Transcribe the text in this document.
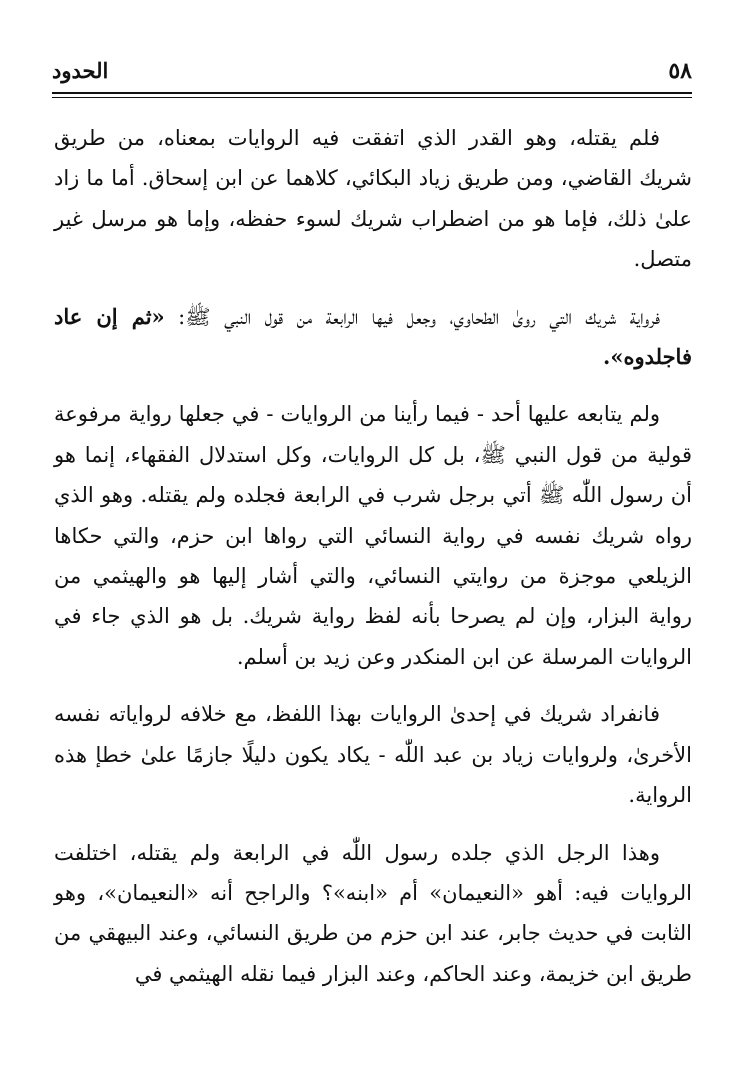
٥٨
الحدود

فلم يقتله، وهو القدر الذي اتفقت فيه الروايات بمعناه، من طريق شريك القاضي، ومن طريق زياد البكائي، كلاهما عن ابن إسحاق. أما ما زاد علىٰ ذلك، فإما هو من اضطراب شريك لسوء حفظه، وإما هو مرسل غير متصل.

فرواية شريك التي روىٰ الطحاوي، وجعل فيها الرابعة من قول النبي ﷺ: «ثم إن عاد فاجلدوه».

ولم يتابعه عليها أحد - فيما رأينا من الروايات - في جعلها رواية مرفوعة قولية من قول النبي ﷺ، بل كل الروايات، وكل استدلال الفقهاء، إنما هو أن رسول اللّٰه ﷺ أتي برجل شرب في الرابعة فجلده ولم يقتله. وهو الذي رواه شريك نفسه في رواية النسائي التي رواها ابن حزم، والتي حكاها الزيلعي موجزة من روايتي النسائي، والتي أشار إليها هو والهيثمي من رواية البزار، وإن لم يصرحا بأنه لفظ رواية شريك. بل هو الذي جاء في الروايات المرسلة عن ابن المنكدر وعن زيد بن أسلم.

فانفراد شريك في إحدىٰ الروايات بهذا اللفظ، مع خلافه لرواياته نفسه الأخرىٰ، ولروايات زياد بن عبد اللّٰه - يكاد يكون دليلًا جازمًا علىٰ خطإ هذه الرواية.

وهذا الرجل الذي جلده رسول اللّٰه في الرابعة ولم يقتله، اختلفت الروايات فيه: أهو «النعيمان» أم «ابنه»؟ والراجح أنه «النعيمان»، وهو الثابت في حديث جابر، عند ابن حزم من طريق النسائي، وعند البيهقي من طريق ابن خزيمة، وعند الحاكم، وعند البزار فيما نقله الهيثمي في
